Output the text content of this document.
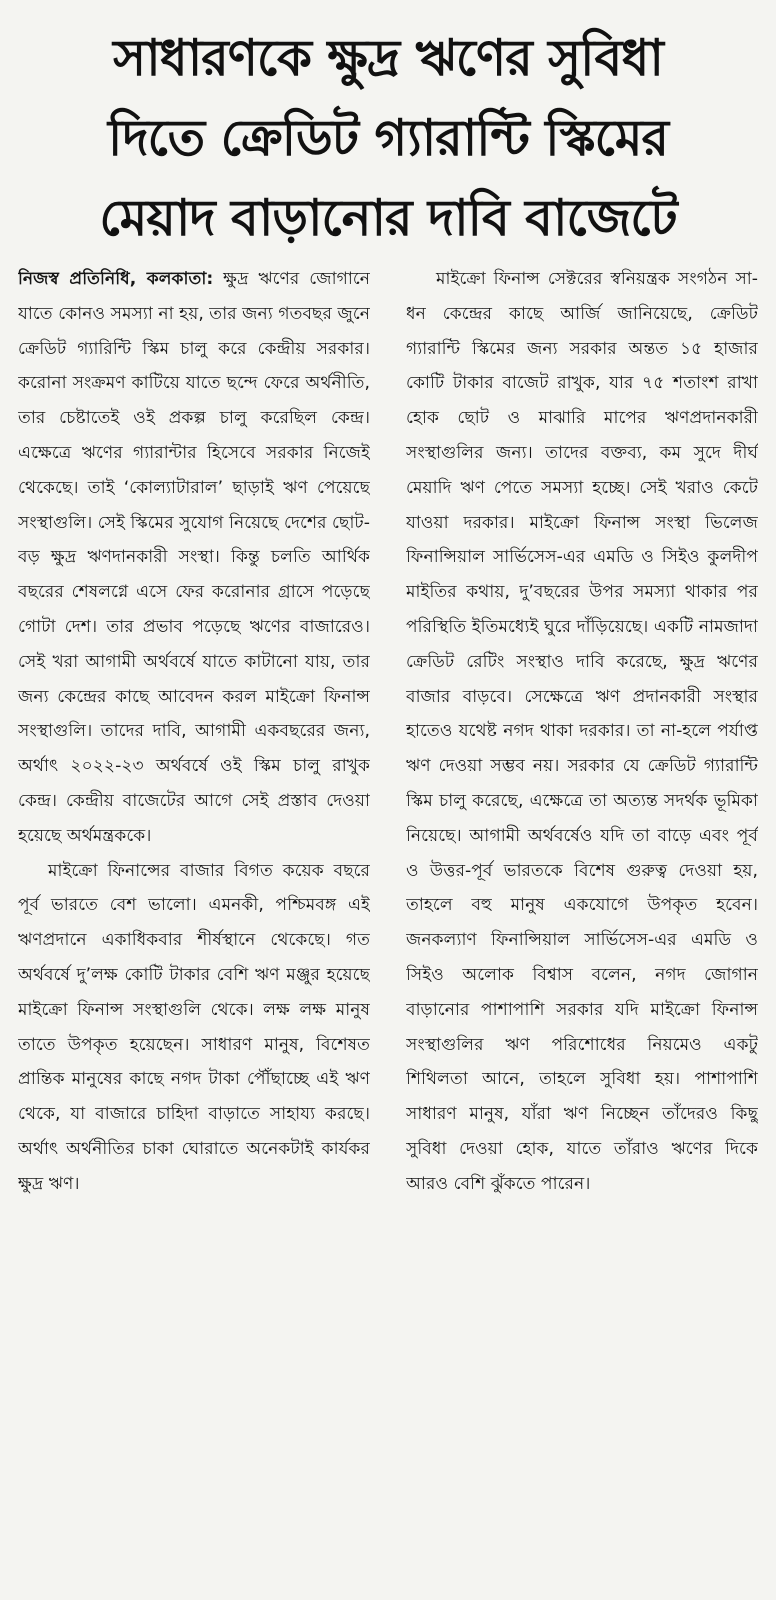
সাধারণকে ক্ষুদ্র ঋণের সুবিধা
দিতে ক্রেডিট গ্যারান্টি স্কিমের
মেয়াদ বাড়ানোর দাবি বাজেটে

নিজস্ব প্রতিনিধি, কলকাতা: ক্ষুদ্র ঋণের জোগানে যাতে কোনও সমস্যা না হয়, তার জন্য গতবছর জুনে ক্রেডিট গ্যারিন্টি স্কিম চালু করে কেন্দ্রীয় সরকার। করোনা সংক্রমণ কাটিয়ে যাতে ছন্দে ফেরে অর্থনীতি, তার চেষ্টাতেই ওই প্রকল্প চালু করেছিল কেন্দ্র। এক্ষেত্রে ঋণের গ্যারান্টার হিসেবে সরকার নিজেই থেকেছে। তাই ‘কোল্যাটারাল’ ছাড়াই ঋণ পেয়েছে সংস্থাগুলি। সেই স্কিমের সুযোগ নিয়েছে দেশের ছোট-বড় ক্ষুদ্র ঋণদানকারী সংস্থা। কিন্তু চলতি আর্থিক বছরের শেষলগ্নে এসে ফের করোনার গ্রাসে পড়েছে গোটা দেশ। তার প্রভাব পড়েছে ঋণের বাজারেও। সেই খরা আগামী অর্থবর্ষে যাতে কাটানো যায়, তার জন্য কেন্দ্রের কাছে আবেদন করল মাইক্রো ফিনান্স সংস্থাগুলি। তাদের দাবি, আগামী একবছরের জন্য, অর্থাৎ ২০২২-২৩ অর্থবর্ষে ওই স্কিম চালু রাখুক কেন্দ্র। কেন্দ্রীয় বাজেটের আগে সেই প্রস্তাব দেওয়া হয়েছে অর্থমন্ত্রককে।

মাইক্রো ফিনান্সের বাজার বিগত কয়েক বছরে পূর্ব ভারতে বেশ ভালো। এমনকী, পশ্চিমবঙ্গ এই ঋণপ্রদানে একাধিকবার শীর্ষস্থানে থেকেছে। গত অর্থবর্ষে দু’লক্ষ কোটি টাকার বেশি ঋণ মঞ্জুর হয়েছে মাইক্রো ফিনান্স সংস্থাগুলি থেকে। লক্ষ লক্ষ মানুষ তাতে উপকৃত হয়েছেন। সাধারণ মানুষ, বিশেষত প্রান্তিক মানুষের কাছে নগদ টাকা পৌঁছাচ্ছে এই ঋণ থেকে, যা বাজারে চাহিদা বাড়াতে সাহায্য করছে। অর্থাৎ অর্থনীতির চাকা ঘোরাতে অনেকটাই কার্যকর ক্ষুদ্র ঋণ।

মাইক্রো ফিনান্স সেক্টরের স্বনিয়ন্ত্রক সংগঠন সা-ধন কেন্দ্রের কাছে আর্জি জানিয়েছে, ক্রেডিট গ্যারান্টি স্কিমের জন্য সরকার অন্তত ১৫ হাজার কোটি টাকার বাজেট রাখুক, যার ৭৫ শতাংশ রাখা হোক ছোট ও মাঝারি মাপের ঋণপ্রদানকারী সংস্থাগুলির জন্য। তাদের বক্তব্য, কম সুদে দীর্ঘ মেয়াদি ঋণ পেতে সমস্যা হচ্ছে। সেই খরাও কেটে যাওয়া দরকার। মাইক্রো ফিনান্স সংস্থা ভিলেজ ফিনান্সিয়াল সার্ভিসেস-এর এমডি ও সিইও কুলদীপ মাইতির কথায়, দু’বছরের উপর সমস্যা থাকার পর পরিস্থিতি ইতিমধ্যেই ঘুরে দাঁড়িয়েছে। একটি নামজাদা ক্রেডিট রেটিং সংস্থাও দাবি করেছে, ক্ষুদ্র ঋণের বাজার বাড়বে। সেক্ষেত্রে ঋণ প্রদানকারী সংস্থার হাতেও যথেষ্ট নগদ থাকা দরকার। তা না-হলে পর্যাপ্ত ঋণ দেওয়া সম্ভব নয়। সরকার যে ক্রেডিট গ্যারান্টি স্কিম চালু করেছে, এক্ষেত্রে তা অত্যন্ত সদর্থক ভূমিকা নিয়েছে। আগামী অর্থবর্ষেও যদি তা বাড়ে এবং পূর্ব ও উত্তর-পূর্ব ভারতকে বিশেষ গুরুত্ব দেওয়া হয়, তাহলে বহু মানুষ একযোগে উপকৃত হবেন। জনকল্যাণ ফিনান্সিয়াল সার্ভিসেস-এর এমডি ও সিইও অলোক বিশ্বাস বলেন, নগদ জোগান বাড়ানোর পাশাপাশি সরকার যদি মাইক্রো ফিনান্স সংস্থাগুলির ঋণ পরিশোধের নিয়মেও একটু শিথিলতা আনে, তাহলে সুবিধা হয়। পাশাপাশি সাধারণ মানুষ, যাঁরা ঋণ নিচ্ছেন তাঁদেরও কিছু সুবিধা দেওয়া হোক, যাতে তাঁরাও ঋণের দিকে আরও বেশি ঝুঁকতে পারেন।
